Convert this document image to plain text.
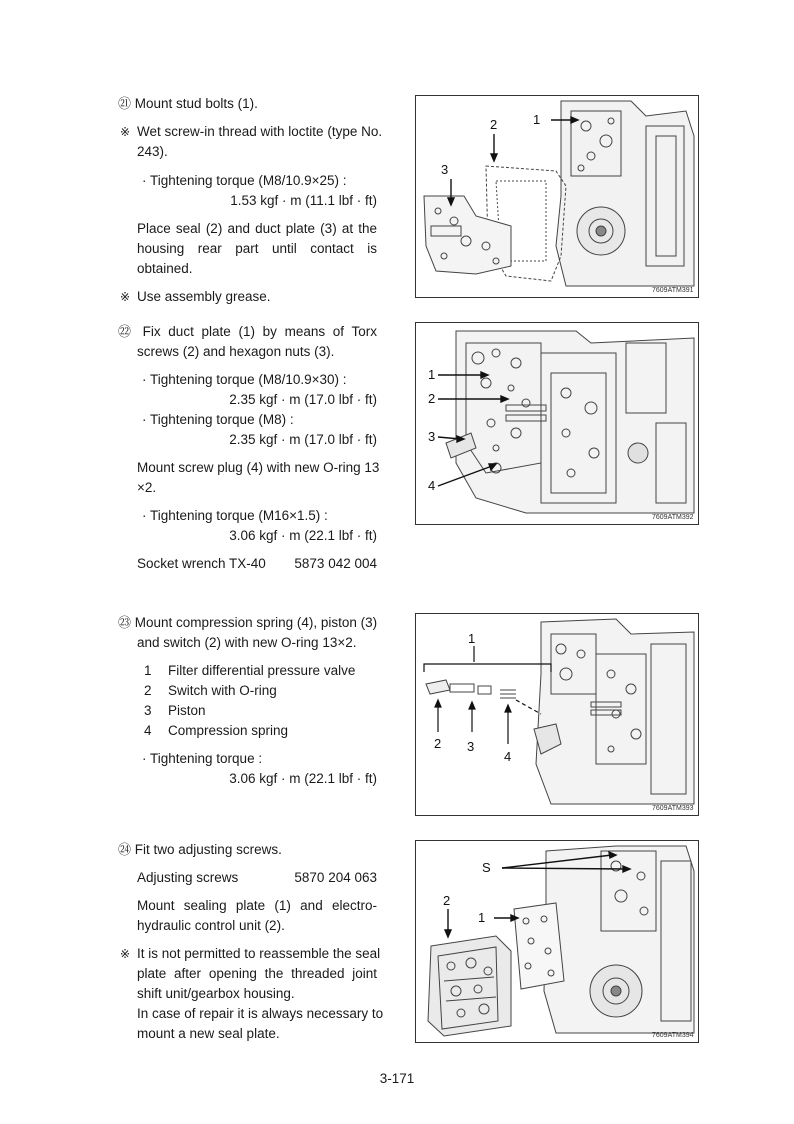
㉑ Mount stud bolts (1).
※ Wet screw-in thread with loctite (type No.
243).
· Tightening torque (M8/10.9×25) :
1.53 kgf · m (11.1 lbf · ft)
Place seal (2) and duct plate (3) at the
housing rear part until contact is
obtained.
※ Use assembly grease.
1
2
3
7609ATM391
㉒ Fix duct plate (1) by means of Torx
screws (2) and hexagon nuts (3).
· Tightening torque (M8/10.9×30) :
2.35 kgf · m (17.0 lbf · ft)
· Tightening torque (M8) :
2.35 kgf · m (17.0 lbf · ft)
Mount screw plug (4) with new O-ring 13
×2.
· Tightening torque (M16×1.5) :
3.06 kgf · m (22.1 lbf · ft)
Socket wrench TX-40 5873 042 004
1
2
3
4
7609ATM392
㉓ Mount compression spring (4), piston (3)
and switch (2) with new O-ring 13×2.
1 Filter differential pressure valve
2 Switch with O-ring
3 Piston
4 Compression spring
· Tightening torque :
3.06 kgf · m (22.1 lbf · ft)
1
2 3
4
7609ATM393
㉔ Fit two adjusting screws.
Adjusting screws	5870 204 063
Mount sealing plate (1) and electro-
hydraulic control unit (2).
※ It is not permitted to reassemble the seal
plate after opening the threaded joint
shift unit/gearbox housing.
In case of repair it is always necessary to
mount a new seal plate.
S
2
1
7609ATM394
3-171
